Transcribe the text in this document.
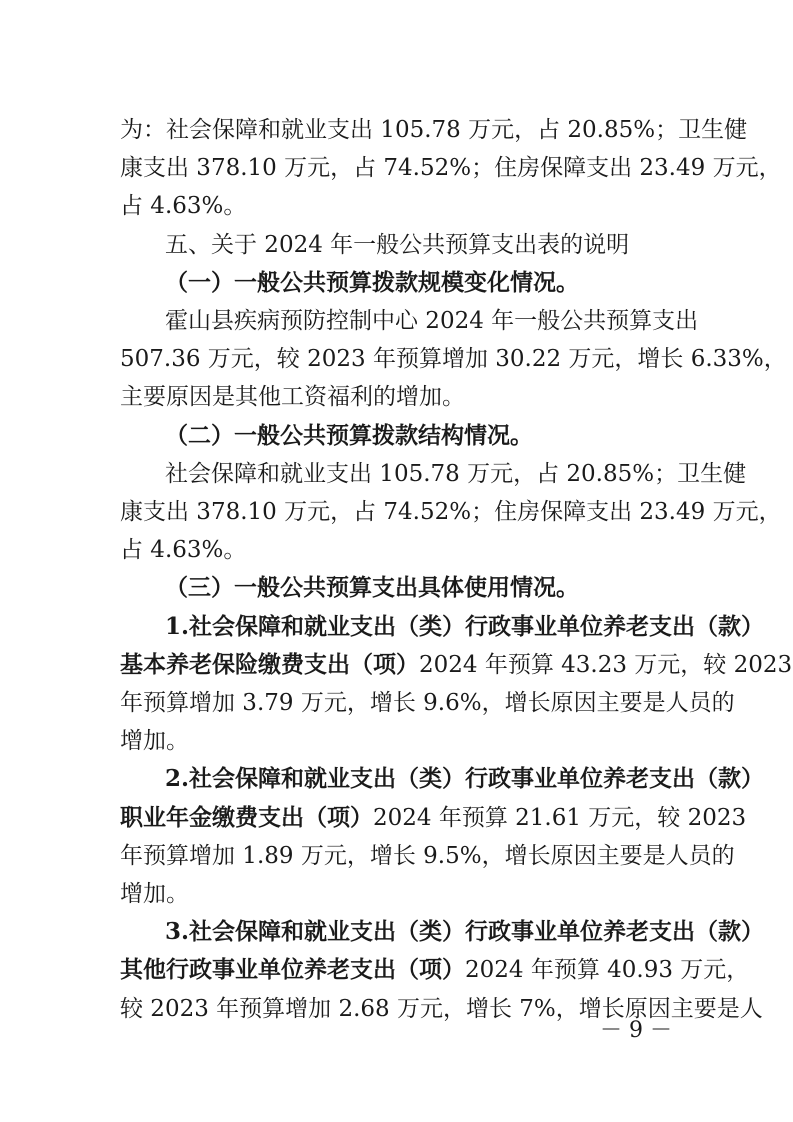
为：社会保障和就业支出 105.78 万元，占 20.85%；卫生健
康支出 378.10 万元，占 74.52%；住房保障支出 23.49 万元，
占 4.63%。
五、关于 2024 年一般公共预算支出表的说明
（一）一般公共预算拨款规模变化情况。
霍山县疾病预防控制中心 2024 年一般公共预算支出
507.36 万元，较 2023 年预算增加 30.22 万元，增长 6.33%，
主要原因是其他工资福利的增加。
（二）一般公共预算拨款结构情况。
社会保障和就业支出 105.78 万元，占 20.85%；卫生健
康支出 378.10 万元，占 74.52%；住房保障支出 23.49 万元，
占 4.63%。
（三）一般公共预算支出具体使用情况。
1.社会保障和就业支出（类）行政事业单位养老支出（款）
基本养老保险缴费支出（项） 2024 年预算 43.23 万元，较 2023
年预算增加 3.79 万元，增长 9.6%，增长原因主要是人员的
增加。
2.社会保障和就业支出（类）行政事业单位养老支出（款）
职业年金缴费支出（项） 2024 年预算 21.61 万元，较 2023
年预算增加 1.89 万元，增长 9.5%，增长原因主要是人员的
增加。
－ 9 －
3.社会保障和就业支出（类）行政事业单位养老支出（款）
其他行政事业单位养老支出（项） 2024 年预算 40.93 万元，
较 2023 年预算增加 2.68 万元，增长 7%，增长原因主要是人
